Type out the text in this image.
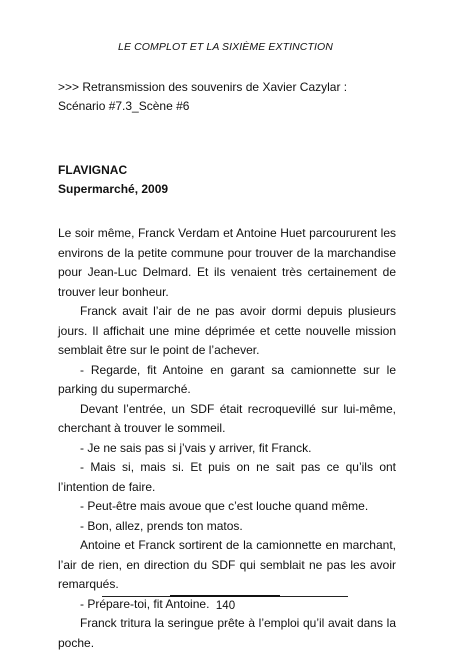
LE COMPLOT ET LA SIXIÈME EXTINCTION
>>> Retransmission des souvenirs de Xavier Cazylar :
Scénario #7.3_Scène #6
FLAVIGNAC
Supermarché, 2009

Le soir même, Franck Verdam et Antoine Huet parcoururent les environs de la petite commune pour trouver de la marchandise pour Jean-Luc Delmard. Et ils venaient très certainement de trouver leur bonheur.

Franck avait l’air de ne pas avoir dormi depuis plusieurs jours. Il affichait une mine déprimée et cette nouvelle mission semblait être sur le point de l’achever.

- Regarde, fit Antoine en garant sa camionnette sur le parking du supermarché.

Devant l’entrée, un SDF était recroquevillé sur lui-même, cherchant à trouver le sommeil.

- Je ne sais pas si j’vais y arriver, fit Franck.

- Mais si, mais si. Et puis on ne sait pas ce qu’ils ont l’intention de faire.

- Peut-être mais avoue que c’est louche quand même.

- Bon, allez, prends ton matos.

Antoine et Franck sortirent de la camionnette en marchant, l’air de rien, en direction du SDF qui semblait ne pas les avoir remarqués.

- Prépare-toi, fit Antoine.

Franck tritura la seringue prête à l’emploi qu’il avait dans la poche.

140
